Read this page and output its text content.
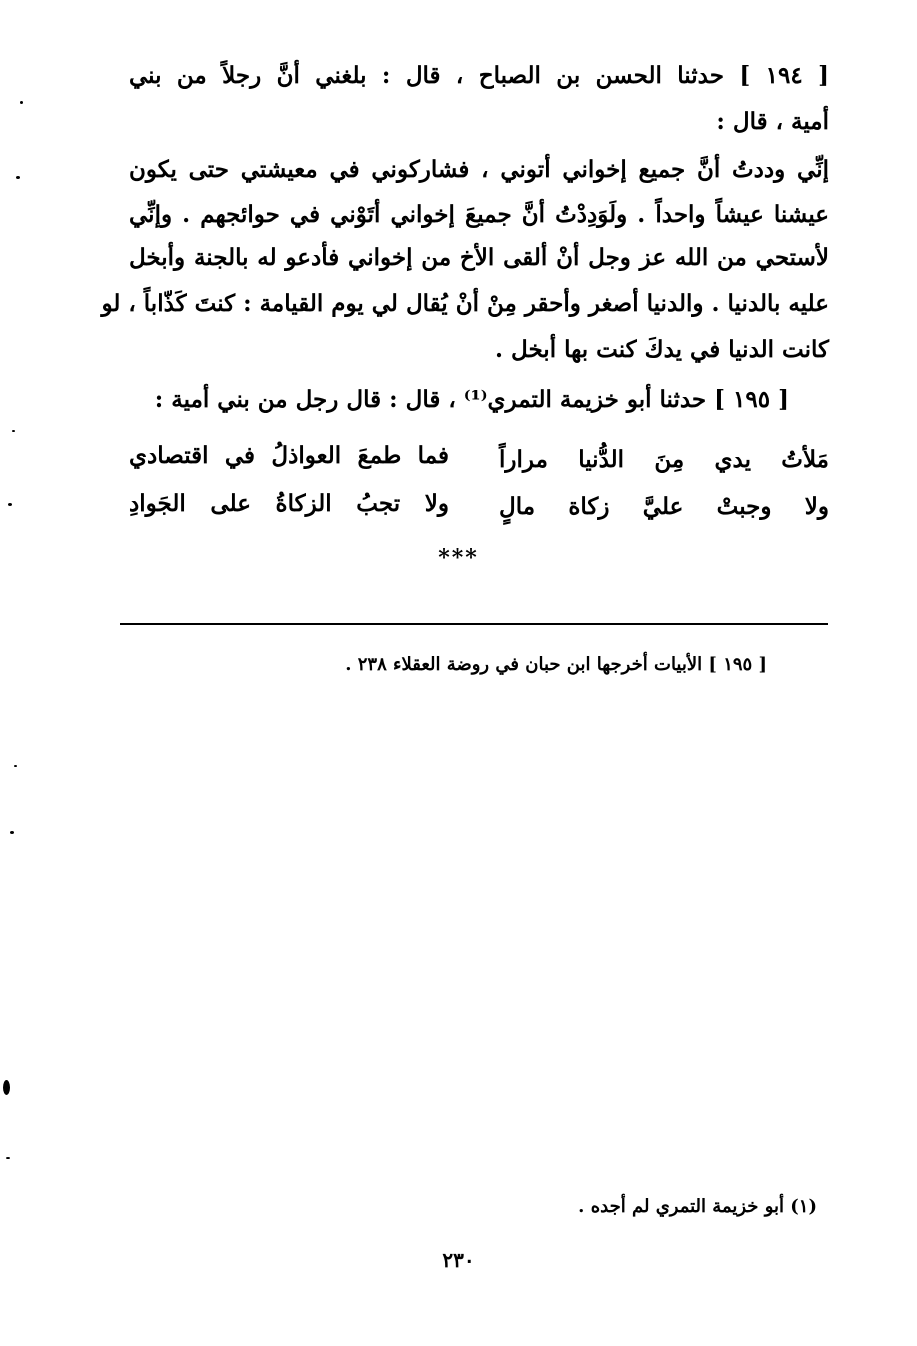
[ ١٩٤ ] حدثنا الحسن بن الصباح ، قال : بلغني أنَّ رجلاً من بني
أمية ، قال :
إنِّي وددتُ أنَّ جميع إخواني أتوني ، فشاركوني في معيشتي حتى يكون
عيشنا عيشاً واحداً . ولَوَدِدْتُ أنَّ جميعَ إخواني أتَوْني في حوائجهم . وإنِّي
لأستحي من الله عز وجل أنْ ألقى الأخ من إخواني فأدعو له بالجنة وأبخل
عليه بالدنيا . والدنيا أصغر وأحقر مِنْ أنْ يُقال لي يوم القيامة : كنتَ كَذّاباً ، لو
كانت الدنيا في يدكَ كنت بها أبخل .
[ ١٩٥ ] حدثنا أبو خزيمة التمري⁽¹⁾ ، قال : قال رجل من بني أمية :
مَلأتُ يدي مِنَ الدُّنيا مراراً
فما طمعَ العواذلُ في اقتصادي
ولا وجبتْ عليَّ زكاة مالٍ
ولا تجبُ الزكاةُ على الجَوادِ
***
[ ١٩٥ ] الأبيات أخرجها ابن حبان في روضة العقلاء ٢٣٨ .
(١) أبو خزيمة التمري لم أجده .
٢٣٠
